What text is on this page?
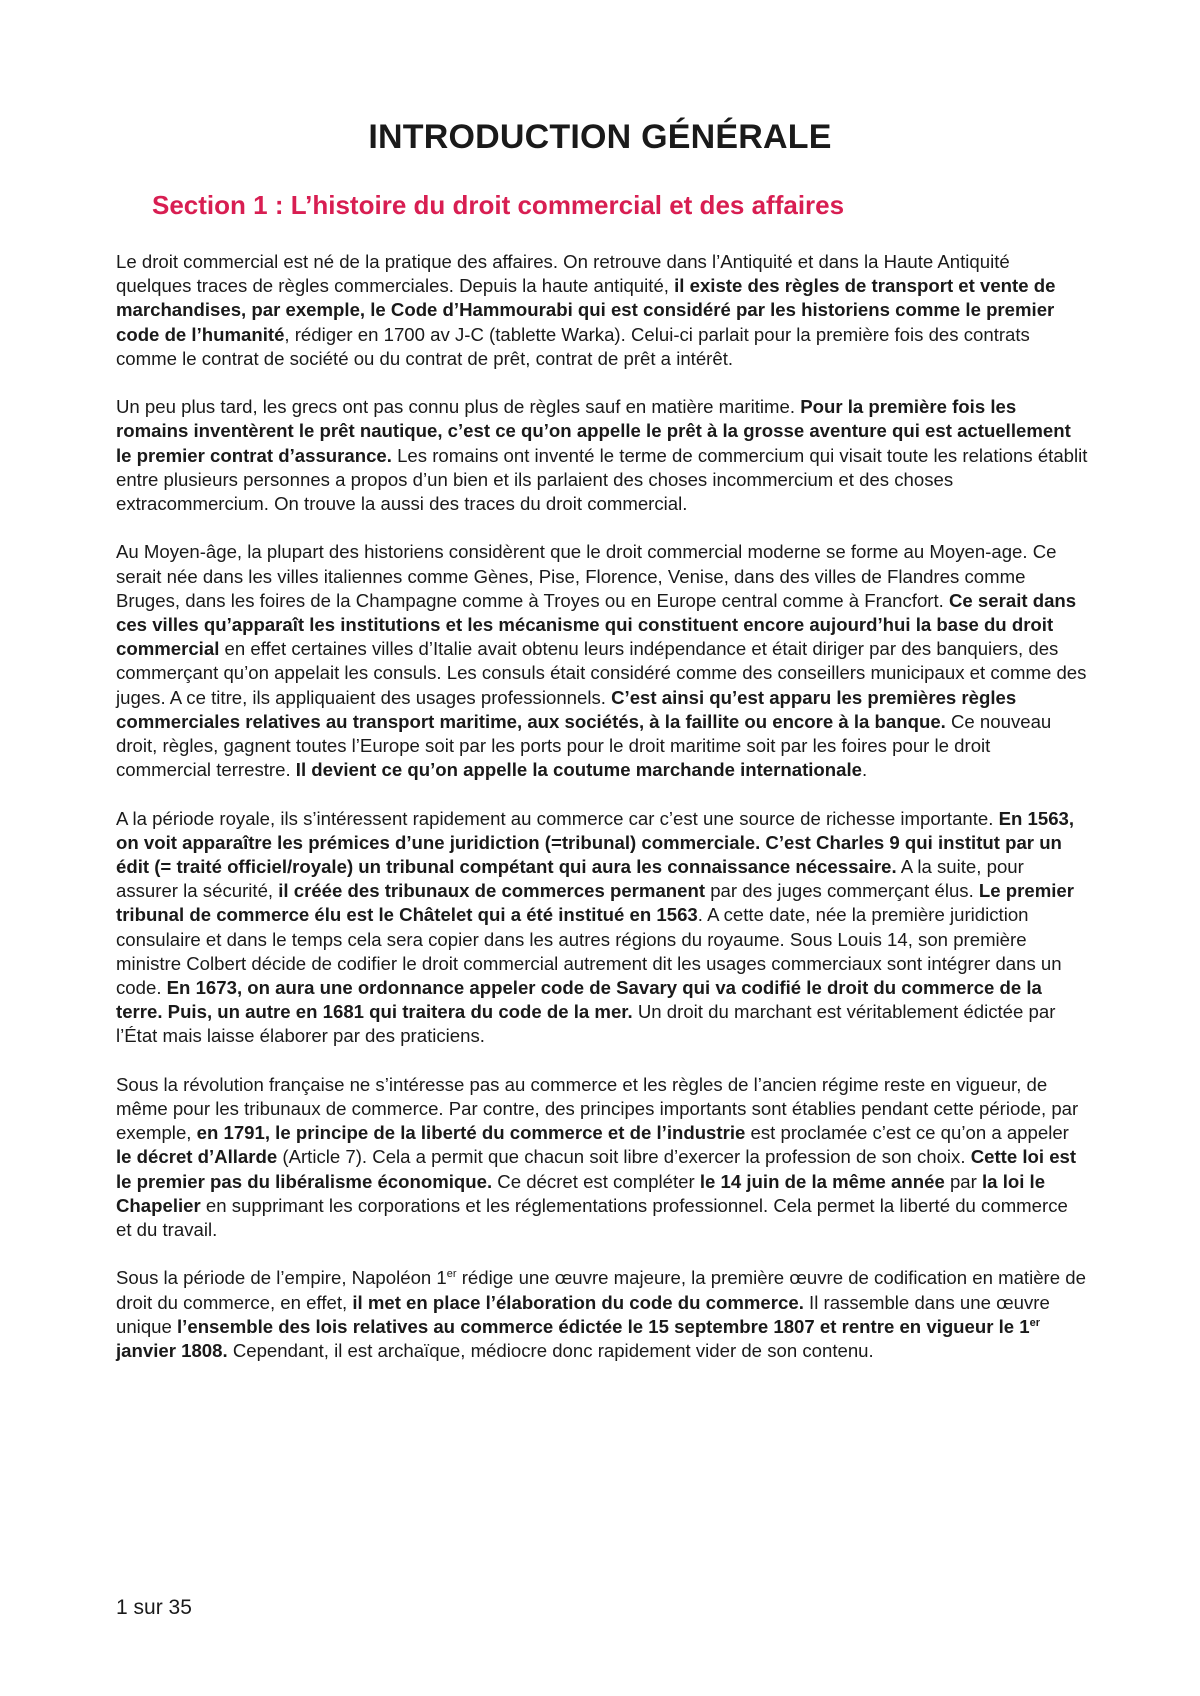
INTRODUCTION GÉNÉRALE
Section 1 : L’histoire du droit commercial et des affaires

Le droit commercial est né de la pratique des affaires. On retrouve dans l’Antiquité et dans la Haute Antiquité quelques traces de règles commerciales. Depuis la haute antiquité, il existe des règles de transport et vente de marchandises, par exemple, le Code d’Hammourabi qui est considéré par les historiens comme le premier code de l’humanité, rédiger en 1700 av J-C (tablette Warka). Celui-ci parlait pour la première fois des contrats comme le contrat de société ou du contrat de prêt, contrat de prêt a intérêt.

Un peu plus tard, les grecs ont pas connu plus de règles sauf en matière maritime. Pour la première fois les romains inventèrent le prêt nautique, c’est ce qu’on appelle le prêt à la grosse aventure qui est actuellement le premier contrat d’assurance. Les romains ont inventé le terme de commercium qui visait toute les relations établit entre plusieurs personnes a propos d’un bien et ils parlaient des choses incommercium et des choses extracommercium. On trouve la aussi des traces du droit commercial.

Au Moyen-âge, la plupart des historiens considèrent que le droit commercial moderne se forme au Moyen-age. Ce serait née dans les villes italiennes comme Gènes, Pise, Florence, Venise, dans des villes de Flandres comme Bruges, dans les foires de la Champagne comme à Troyes ou en Europe central comme à Francfort. Ce serait dans ces villes qu’apparaît les institutions et les mécanisme qui constituent encore aujourd’hui la base du droit commercial en effet certaines villes d’Italie avait obtenu leurs indépendance et était diriger par des banquiers, des commerçant qu’on appelait les consuls. Les consuls était considéré comme des conseillers municipaux et comme des juges. A ce titre, ils appliquaient des usages professionnels. C’est ainsi qu’est apparu les premières règles commerciales relatives au transport maritime, aux sociétés, à la faillite ou encore à la banque. Ce nouveau droit, règles, gagnent toutes l’Europe soit par les ports pour le droit maritime soit par les foires pour le droit commercial terrestre. Il devient ce qu’on appelle la coutume marchande internationale.

A la période royale, ils s’intéressent rapidement au commerce car c’est une source de richesse importante. En 1563, on voit apparaître les prémices d’une juridiction (=tribunal) commerciale. C’est Charles 9 qui institut par un édit (= traité officiel/royale) un tribunal compétant qui aura les connaissance nécessaire. A la suite, pour assurer la sécurité, il créée des tribunaux de commerces permanent par des juges commerçant élus. Le premier tribunal de commerce élu est le Châtelet qui a été institué en 1563. A cette date, née la première juridiction consulaire et dans le temps cela sera copier dans les autres régions du royaume. Sous Louis 14, son première ministre Colbert décide de codifier le droit commercial autrement dit les usages commerciaux sont intégrer dans un code. En 1673, on aura une ordonnance appeler code de Savary qui va codifié le droit du commerce de la terre. Puis, un autre en 1681 qui traitera du code de la mer. Un droit du marchant est véritablement édictée par l’État mais laisse élaborer par des praticiens.

Sous la révolution française ne s’intéresse pas au commerce et les règles de l’ancien régime reste en vigueur, de même pour les tribunaux de commerce. Par contre, des principes importants sont établies pendant cette période, par exemple, en 1791, le principe de la liberté du commerce et de l’industrie est proclamée c’est ce qu’on a appeler le décret d’Allarde (Article 7). Cela a permit que chacun soit libre d’exercer la profession de son choix. Cette loi est le premier pas du libéralisme économique. Ce décret est compléter le 14 juin de la même année par la loi le Chapelier en supprimant les corporations et les réglementations professionnel. Cela permet la liberté du commerce et du travail.

Sous la période de l’empire, Napoléon 1er rédige une œuvre majeure, la première œuvre de codification en matière de droit du commerce, en effet, il met en place l’élaboration du code du commerce. Il rassemble dans une œuvre unique l’ensemble des lois relatives au commerce édictée le 15 septembre 1807 et rentre en vigueur le 1er janvier 1808. Cependant, il est archaïque, médiocre donc rapidement vider de son contenu.

1 sur 35
